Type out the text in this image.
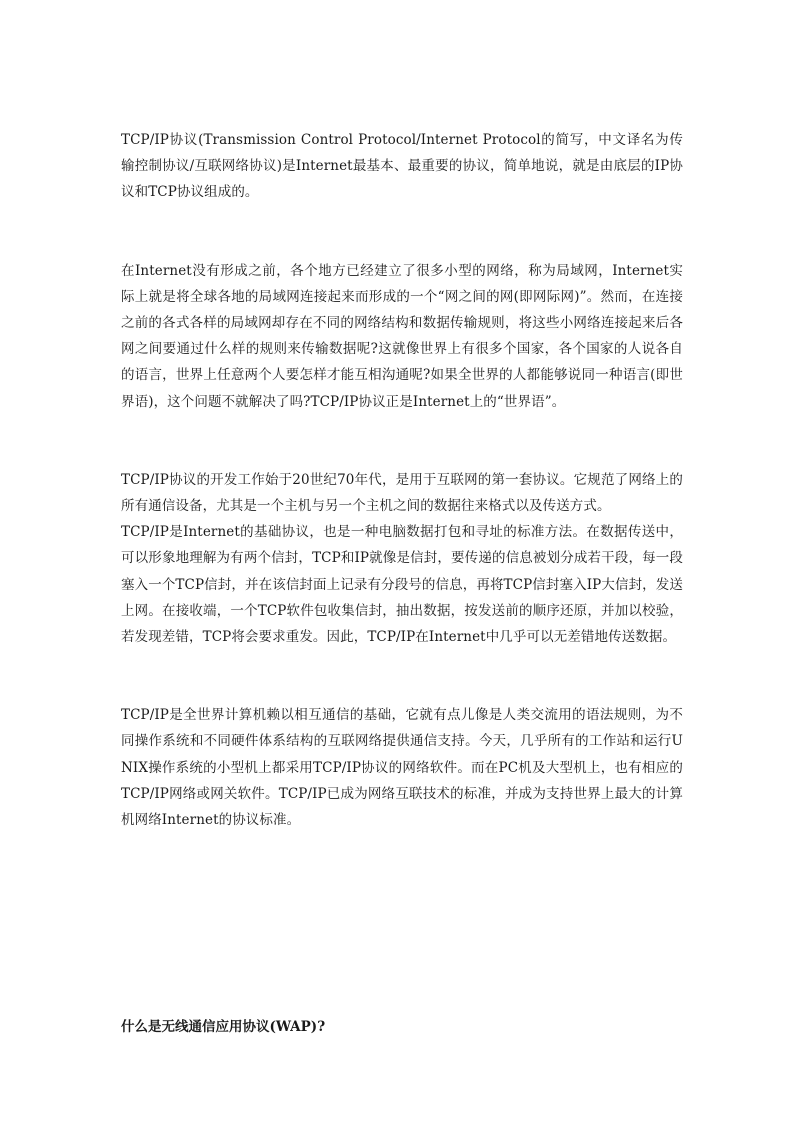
TCP/IP协议(Transmission Control Protocol/Internet Protocol的简写，中文译名为传输控制协议/互联网络协议)是Internet最基本、最重要的协议，简单地说，就是由底层的IP协议和TCP协议组成的。

在Internet没有形成之前，各个地方已经建立了很多小型的网络，称为局域网，Internet实际上就是将全球各地的局域网连接起来而形成的一个“网之间的网(即网际网)”。然而，在连接之前的各式各样的局域网却存在不同的网络结构和数据传输规则，将这些小网络连接起来后各网之间要通过什么样的规则来传输数据呢?这就像世界上有很多个国家，各个国家的人说各自的语言，世界上任意两个人要怎样才能互相沟通呢?如果全世界的人都能够说同一种语言(即世界语)，这个问题不就解决了吗?TCP/IP协议正是Internet上的“世界语”。

TCP/IP协议的开发工作始于20世纪70年代，是用于互联网的第一套协议。它规范了网络上的所有通信设备，尤其是一个主机与另一个主机之间的数据往来格式以及传送方式。

TCP/IP是Internet的基础协议，也是一种电脑数据打包和寻址的标准方法。在数据传送中，可以形象地理解为有两个信封，TCP和IP就像是信封，要传递的信息被划分成若干段，每一段塞入一个TCP信封，并在该信封面上记录有分段号的信息，再将TCP信封塞入IP大信封，发送上网。在接收端，一个TCP软件包收集信封，抽出数据，按发送前的顺序还原，并加以校验，若发现差错，TCP将会要求重发。因此，TCP/IP在Internet中几乎可以无差错地传送数据。

TCP/IP是全世界计算机赖以相互通信的基础，它就有点儿像是人类交流用的语法规则，为不同操作系统和不同硬件体系结构的互联网络提供通信支持。今天，几乎所有的工作站和运行UNIX操作系统的小型机上都采用TCP/IP协议的网络软件。而在PC机及大型机上，也有相应的TCP/IP网络或网关软件。TCP/IP已成为网络互联技术的标准，并成为支持世界上最大的计算机网络Internet的协议标准。

什么是无线通信应用协议(WAP)?
